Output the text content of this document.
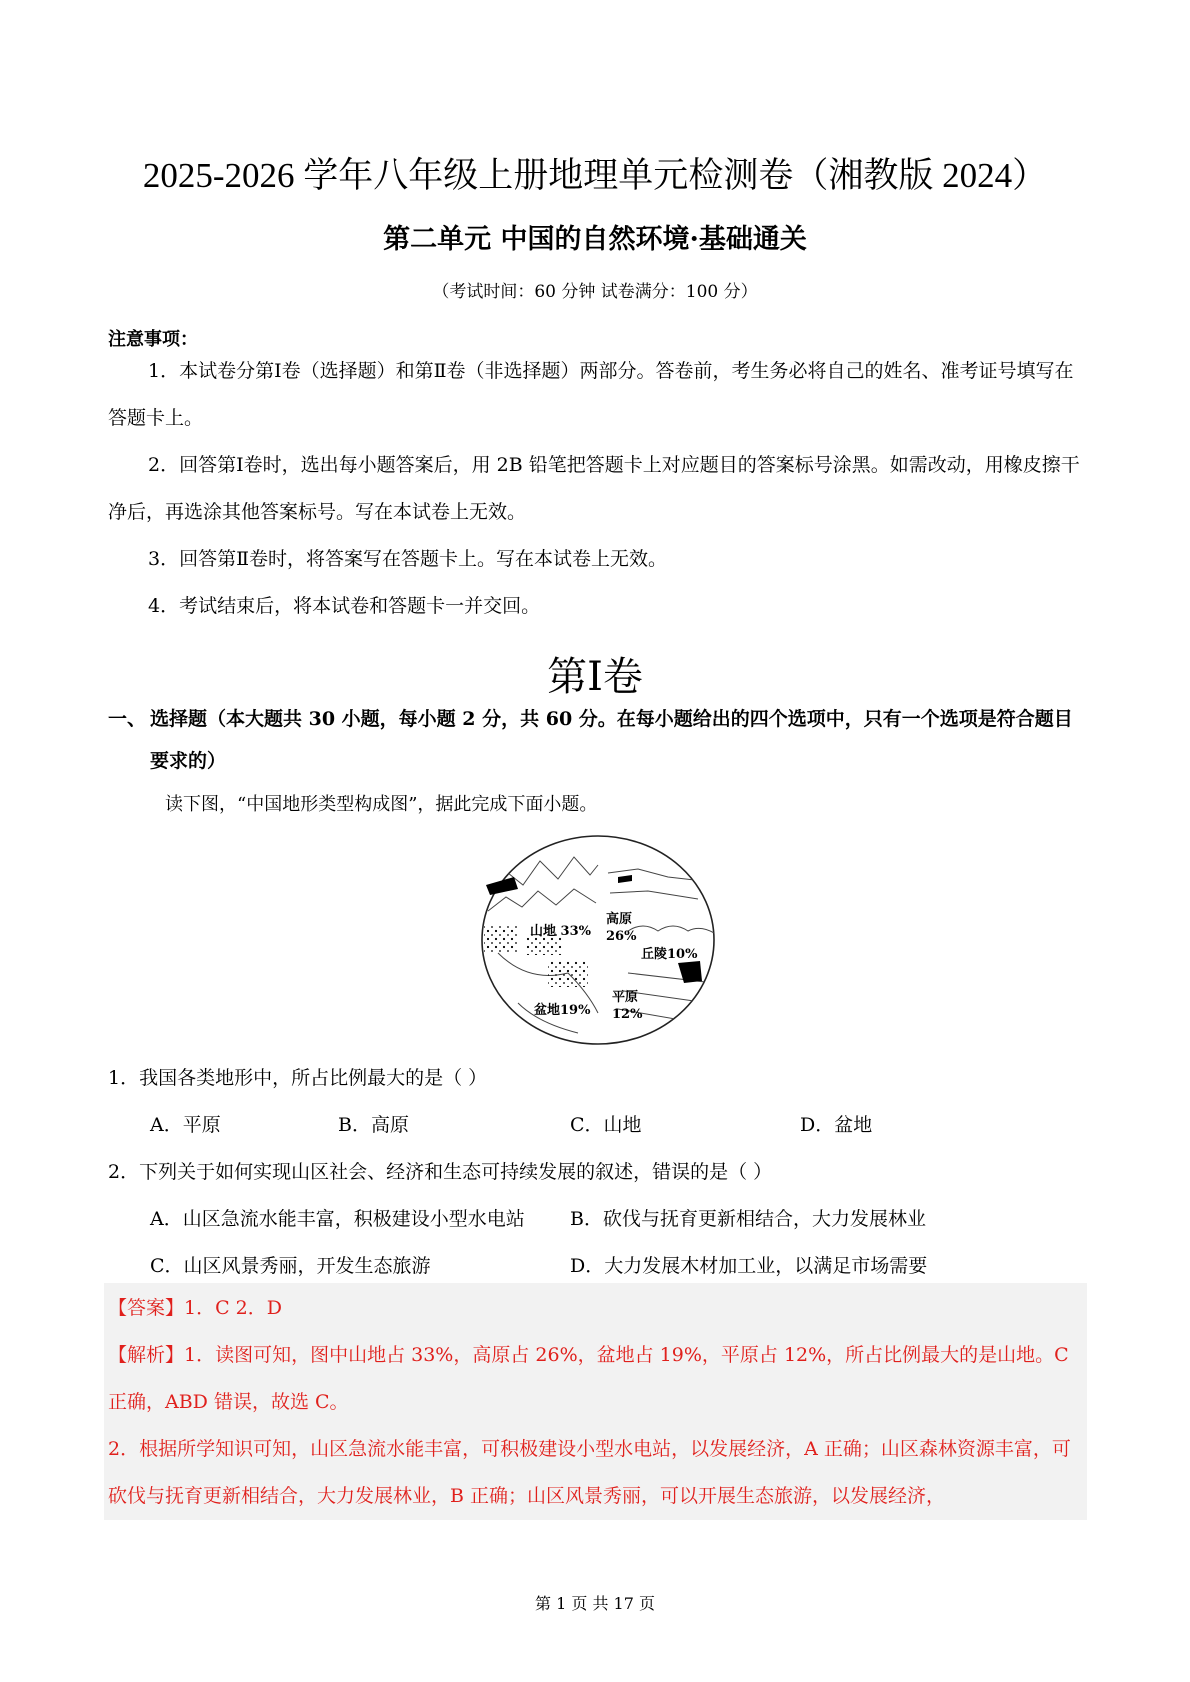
2025-2026 学年八年级上册地理单元检测卷（湘教版 2024）
第二单元 中国的自然环境·基础通关
（考试时间：60 分钟 试卷满分：100 分）
注意事项：

1．本试卷分第Ⅰ卷（选择题）和第Ⅱ卷（非选择题）两部分。答卷前，考生务必将自己的姓名、准考证号填写在答题卡上。

2．回答第Ⅰ卷时，选出每小题答案后，用 2B 铅笔把答题卡上对应题目的答案标号涂黑。如需改动，用橡皮擦干净后，再选涂其他答案标号。写在本试卷上无效。

3．回答第Ⅱ卷时，将答案写在答题卡上。写在本试卷上无效。

4．考试结束后，将本试卷和答题卡一并交回。

第Ⅰ卷
一、 选择题（本大题共 30 小题，每小题 2 分，共 60 分。在每小题给出的四个选项中，只有一个选项是符合题目要求的）
读下图，“中国地形类型构成图”，据此完成下面小题。
山地 33%
高原
26%
丘陵10%
盆地19%
平原
12%
1．我国各类地形中，所占比例最大的是（ ）
A．平原	B．高原	C．山地	D．盆地
2．下列关于如何实现山区社会、经济和生态可持续发展的叙述，错误的是（ ）
A．山区急流水能丰富，积极建设小型水电站 B．砍伐与抚育更新相结合，大力发展林业
C．山区风景秀丽，开发生态旅游	D．大力发展木材加工业，以满足市场需要
【答案】1．C 2．D
【解析】1．读图可知，图中山地占 33%，高原占 26%，盆地占 19%，平原占 12%，所占比例最大的是山地。C 正确，ABD 错误，故选 C。
2．根据所学知识可知，山区急流水能丰富，可积极建设小型水电站，以发展经济，A 正确；山区森林资源丰富，可砍伐与抚育更新相结合，大力发展林业，B 正确；山区风景秀丽，可以开展生态旅游，以发展经济，
第 1 页 共 17 页
